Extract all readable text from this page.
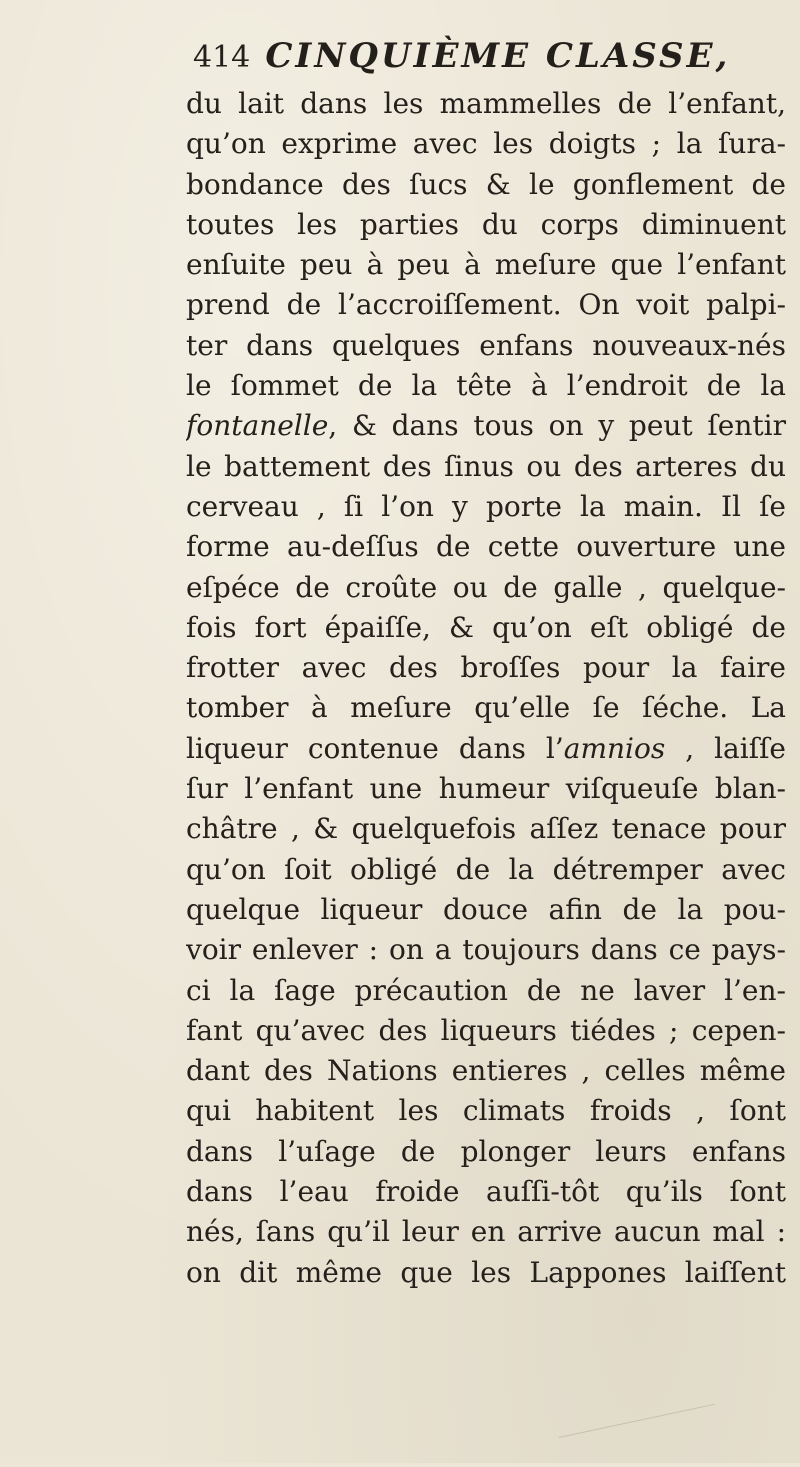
414 CINQUIÈME CLASSE,
du lait dans les mammelles de l’enfant,
qu’on exprime avec les doigts ; la ſura-
bondance des ſucs & le gonflement de
toutes les parties du corps diminuent
enſuite peu à peu à meſure que l’enfant
prend de l’accroiſſement. On voit palpi-
ter dans quelques enfans nouveaux-nés
le ſommet de la tête à l’endroit de la
fontanelle, & dans tous on y peut ſentir
le battement des ſinus ou des arteres du
cerveau , ſi l’on y porte la main. Il ſe
forme au-deſſus de cette ouverture une
eſpéce de croûte ou de galle , quelque-
fois fort épaiſſe, & qu’on eſt obligé de
frotter avec des broſſes pour la faire
tomber à meſure qu’elle ſe ſéche. La
liqueur contenue dans l’amnios , laiſſe
ſur l’enfant une humeur viſqueuſe blan-
châtre , & quelquefois aſſez tenace pour
qu’on ſoit obligé de la détremper avec
quelque liqueur douce afin de la pou-
voir enlever : on a toujours dans ce pays-
ci la ſage précaution de ne laver l’en-
fant qu’avec des liqueurs tiédes ; cepen-
dant des Nations entieres , celles même
qui habitent les climats froids , ſont
dans l’uſage de plonger leurs enfans
dans l’eau froide auſſi-tôt qu’ils ſont
nés, ſans qu’il leur en arrive aucun mal :
on dit même que les Lappones laiſſent
